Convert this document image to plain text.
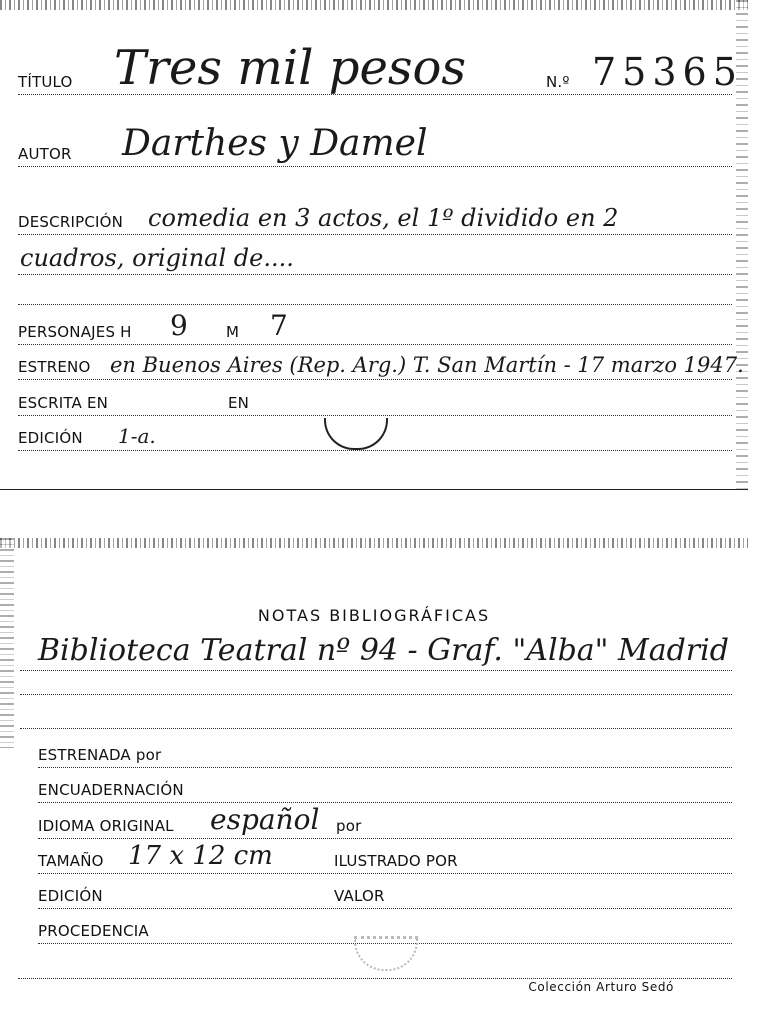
TÍTULO Tres mil pesos	N.º 75365
AUTOR Darthes y Damel
DESCRIPCIÓN comedia en 3 actos, el 1º dividido en 2
cuadros, original de....
PERSONAJES H 9	M 7
ESTRENO en Buenos Aires (Rep. Arg.) T. San Martín - 17 marzo 1947.
ESCRITA EN	EN
EDICIÓN 1-a.
NOTAS BIBLIOGRÁFICAS
Biblioteca Teatral nº 94 - Graf. "Alba" Madrid
ESTRENADA por
ENCUADERNACIÓN
IDIOMA ORIGINAL español por
TAMAÑO 17 x 12 cm	ILUSTRADO POR
EDICIÓN	VALOR
PROCEDENCIA
Colección Arturo Sedó
